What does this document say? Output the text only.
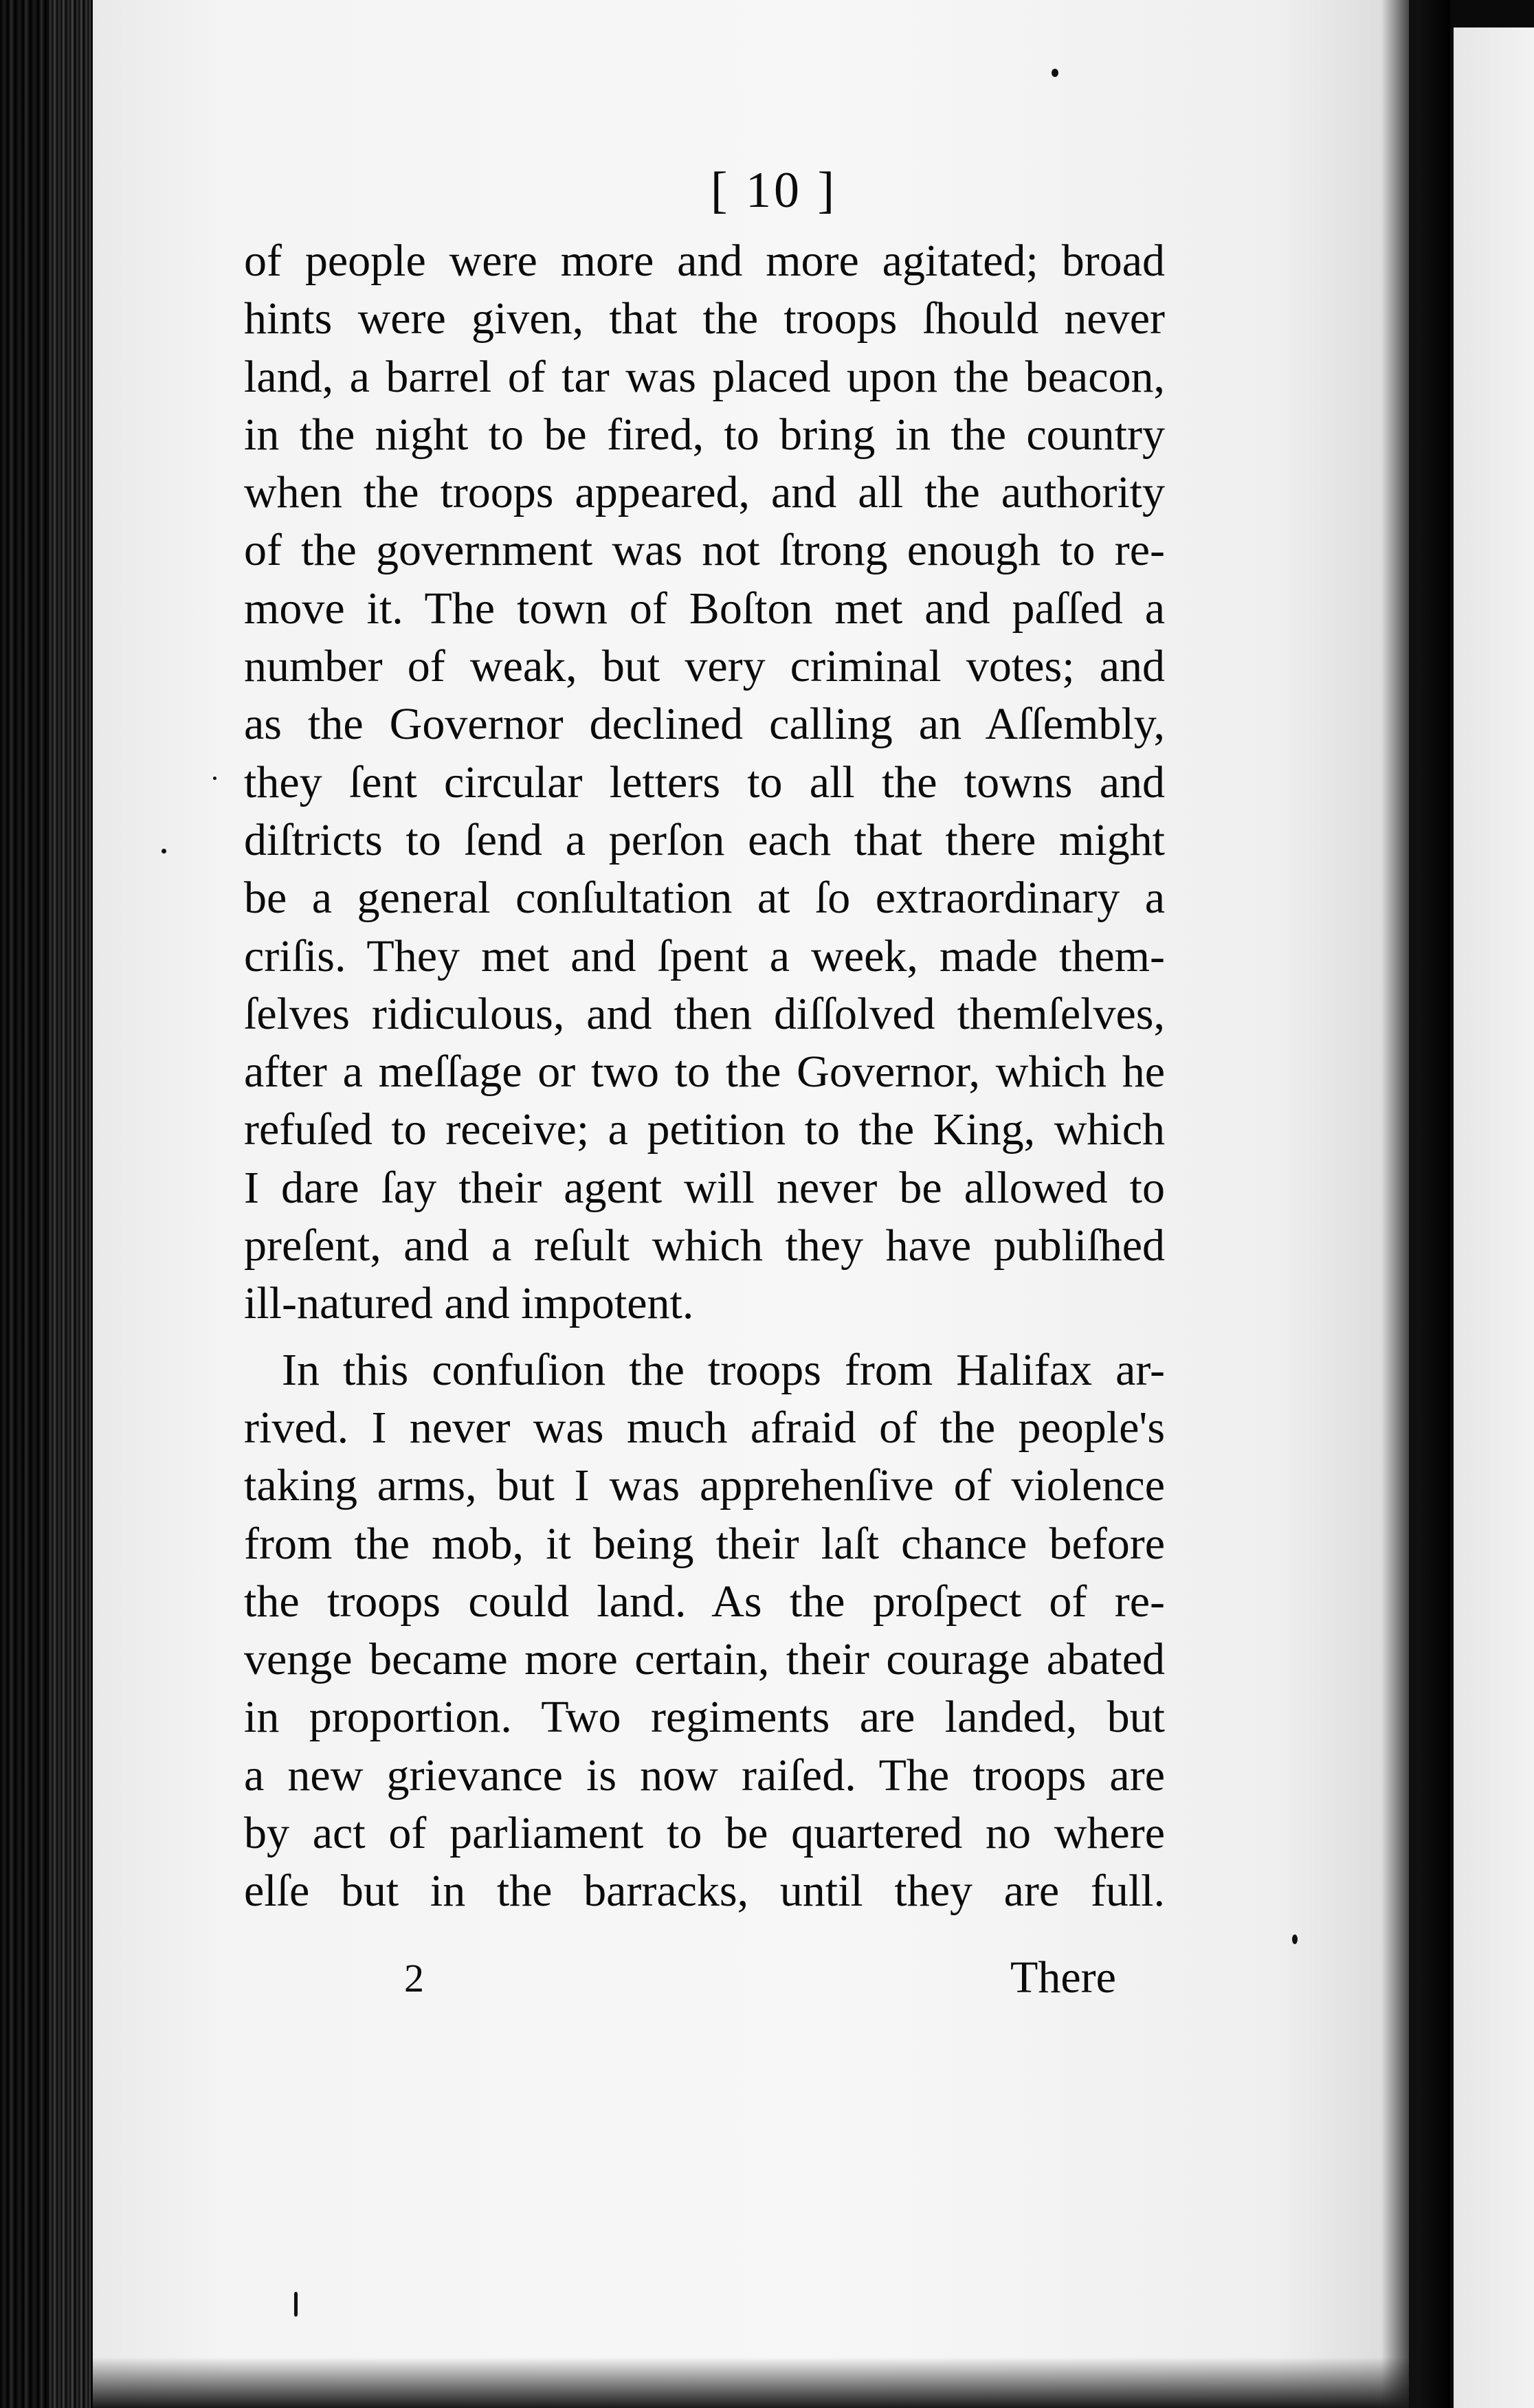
[ 10 ]
of people were more and more agitated; broad
hints were given, that the troops ſhould never
land, a barrel of tar was placed upon the beacon,
in the night to be fired, to bring in the country
when the troops appeared, and all the authority
of the government was not ſtrong enough to re-
move it. The town of Boſton met and paſſed a
number of weak, but very criminal votes; and
as the Governor declined calling an Aſſembly,
they ſent circular letters to all the towns and
diſtricts to ſend a perſon each that there might
be a general conſultation at ſo extraordinary a
criſis. They met and ſpent a week, made them-
ſelves ridiculous, and then diſſolved themſelves,
after a meſſage or two to the Governor, which he
refuſed to receive; a petition to the King, which
I dare ſay their agent will never be allowed to
preſent, and a reſult which they have publiſhed
ill-natured and impotent.
In this confuſion the troops from Halifax ar-
rived. I never was much afraid of the people's
taking arms, but I was apprehenſive of violence
from the mob, it being their laſt chance before
the troops could land. As the proſpect of re-
venge became more certain, their courage abated
in proportion. Two regiments are landed, but
a new grievance is now raiſed. The troops are
by act of parliament to be quartered no where
elſe but in the barracks, until they are full.
2	There
